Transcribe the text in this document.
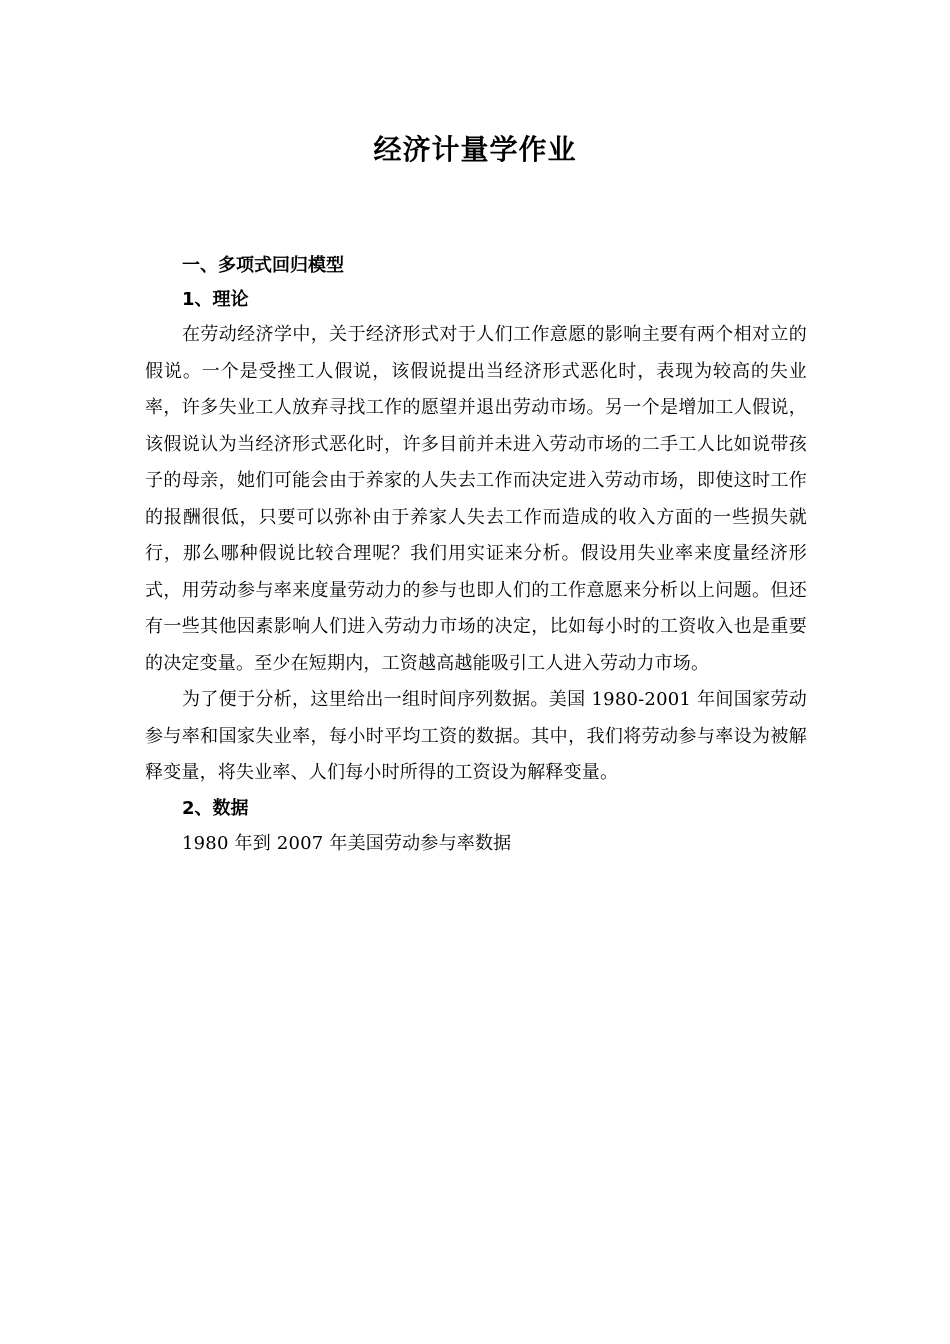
经济计量学作业

一、多项式回归模型

1、理论

在劳动经济学中，关于经济形式对于人们工作意愿的影响主要有两个相对立的假说。一个是受挫工人假说，该假说提出当经济形式恶化时，表现为较高的失业率，许多失业工人放弃寻找工作的愿望并退出劳动市场。另一个是增加工人假说，该假说认为当经济形式恶化时，许多目前并未进入劳动市场的二手工人比如说带孩子的母亲，她们可能会由于养家的人失去工作而决定进入劳动市场，即使这时工作的报酬很低，只要可以弥补由于养家人失去工作而造成的收入方面的一些损失就行，那么哪种假说比较合理呢？我们用实证来分析。假设用失业率来度量经济形式，用劳动参与率来度量劳动力的参与也即人们的工作意愿来分析以上问题。但还有一些其他因素影响人们进入劳动力市场的决定，比如每小时的工资收入也是重要的决定变量。至少在短期内，工资越高越能吸引工人进入劳动力市场。

为了便于分析，这里给出一组时间序列数据。美国 1980-2001 年间国家劳动参与率和国家失业率，每小时平均工资的数据。其中，我们将劳动参与率设为被解释变量，将失业率、人们每小时所得的工资设为解释变量。

2、数据

1980 年到 2007 年美国劳动参与率数据
